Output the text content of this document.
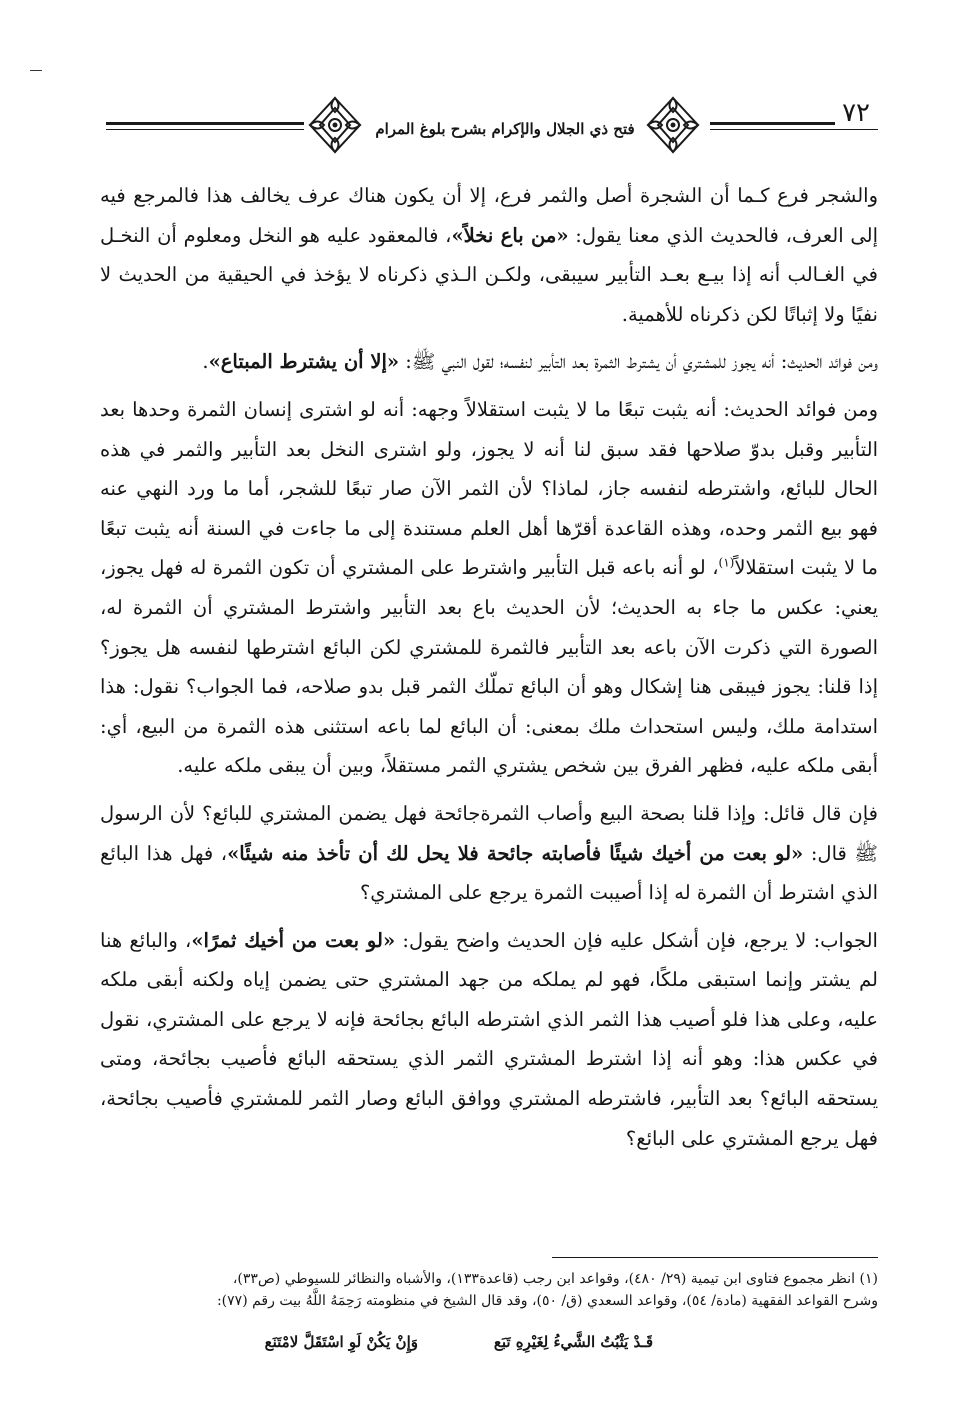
٧٢
فتح ذي الجلال والإكرام بشرح بلوغ المرام

والشجر فرع كـما أن الشجرة أصل والثمر فرع، إلا أن يكون هناك عرف يخالف هذا فالمرجع فيه إلى العرف، فالحديث الذي معنا يقول: «من باع نخلاً»، فالمعقود عليه هو النخل ومعلوم أن النخـل في الغـالب أنه إذا بيـع بعـد التأبير سيبقى، ولكـن الـذي ذكرناه لا يؤخذ في الحيقية من الحديث لا نفيًا ولا إثباتًا لكن ذكرناه للأهمية.

ومن فوائد الحديث: أنه يجوز للمشتري أن يشترط الثمرة بعد التأبير لنفسه؛ لقول النبي ﷺ: «إلا أن يشترط المبتاع».

ومن فوائد الحديث: أنه يثبت تبعًا ما لا يثبت استقلالاً وجهه: أنه لو اشترى إنسان الثمرة وحدها بعد التأبير وقبل بدوّ صلاحها فقد سبق لنا أنه لا يجوز، ولو اشترى النخل بعد التأبير والثمر في هذه الحال للبائع، واشترطه لنفسه جاز، لماذا؟ لأن الثمر الآن صار تبعًا للشجر، أما ما ورد النهي عنه فهو بيع الثمر وحده، وهذه القاعدة أقرّها أهل العلم مستندة إلى ما جاءت في السنة أنه يثبت تبعًا ما لا يثبت استقلالاً$^{(١)}$، لو أنه باعه قبل التأبير واشترط على المشتري أن تكون الثمرة له فهل يجوز، يعني: عكس ما جاء به الحديث؛ لأن الحديث باع بعد التأبير واشترط المشتري أن الثمرة له، الصورة التي ذكرت الآن باعه بعد التأبير فالثمرة للمشتري لكن البائع اشترطها لنفسه هل يجوز؟ إذا قلنا: يجوز فيبقى هنا إشكال وهو أن البائع تملّك الثمر قبل بدو صلاحه، فما الجواب؟ نقول: هذا استدامة ملك، وليس استحداث ملك بمعنى: أن البائع لما باعه استثنى هذه الثمرة من البيع، أي: أبقى ملكه عليه، فظهر الفرق بين شخص يشتري الثمر مستقلاً، وبين أن يبقى ملكه عليه.

فإن قال قائل: وإذا قلنا بصحة البيع وأصاب الثمرةجائحة فهل يضمن المشتري للبائع؟ لأن الرسول ﷺ قال: «لو بعت من أخيك شيئًا فأصابته جائحة فلا يحل لك أن تأخذ منه شيئًا»، فهل هذا البائع الذي اشترط أن الثمرة له إذا أصيبت الثمرة يرجع على المشتري؟

الجواب: لا يرجع، فإن أشكل عليه فإن الحديث واضح يقول: «لو بعت من أخيك ثمرًا»، والبائع هنا لم يشتر وإنما استبقى ملكًا، فهو لم يملكه من جهد المشتري حتى يضمن إياه ولكنه أبقى ملكه عليه، وعلى هذا فلو أصيب هذا الثمر الذي اشترطه البائع بجائحة فإنه لا يرجع على المشتري، نقول في عكس هذا: وهو أنه إذا اشترط المشتري الثمر الذي يستحقه البائع فأصيب بجائحة، ومتى يستحقه البائع؟ بعد التأبير، فاشترطه المشتري ووافق البائع وصار الثمر للمشتري فأصيب بجائحة، فهل يرجع المشتري على البائع؟

(١) انظر مجموع فتاوى ابن تيمية (٢٩/ ٤٨٠)، وقواعد ابن رجب (قاعدة١٣٣)، والأشباه والنظائر للسيوطي (ص٣٣)،

وشرح القواعد الفقهية (مادة/ ٥٤)، وقواعد السعدي (ق/ ٥٠)، وقد قال الشيخ في منظومته رَحِمَهُ اللَّهُ بيت رقم (٧٧):

قَـدْ يَثْبُتُ الشَّيءُ لِغَيْرِهِ تَبَع
وَإِنْ يَكُنْ لَوِ اسْتَقَلَّ لامْتَنَع
